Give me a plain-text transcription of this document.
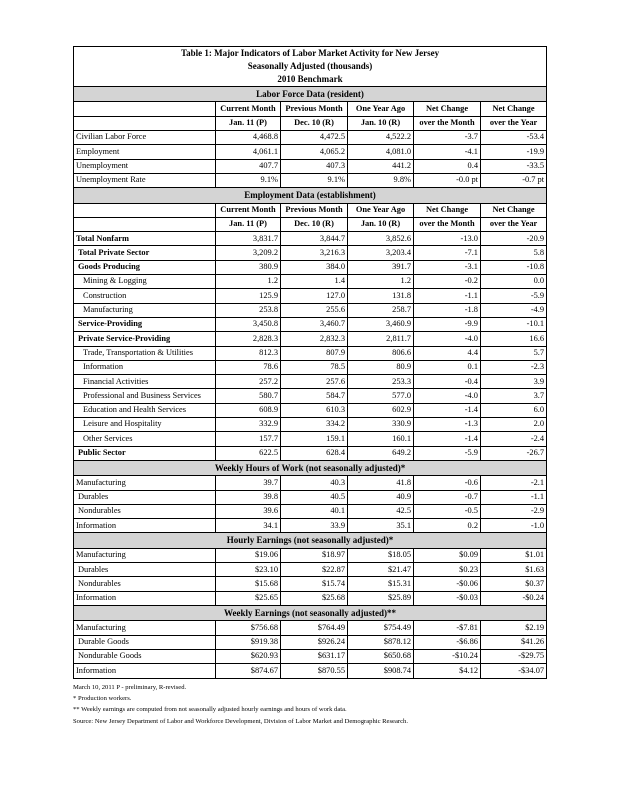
Table 1: Major Indicators of Labor Market Activity for New Jersey					
Seasonally Adjusted (thousands)					
2010 Benchmark					
Labor Force Data (resident)					
	Current Month	Previous Month	One Year Ago	Net Change	Net Change
	Jan. 11 (P)	Dec. 10 (R)	Jan. 10 (R)	over the Month	over the Year
Civilian Labor Force	4,468.8	4,472.5	4,522.2	-3.7	-53.4
Employment	4,061.1	4,065.2	4,081.0	-4.1	-19.9
Unemployment	407.7	407.3	441.2	0.4	-33.5
Unemployment Rate	9.1%	9.1%	9.8%	-0.0 pt	-0.7 pt
Employment Data (establishment)					
	Current Month	Previous Month	One Year Ago	Net Change	Net Change
	Jan. 11 (P)	Dec. 10 (R)	Jan. 10 (R)	over the Month	over the Year
Total Nonfarm	3,831.7	3,844.7	3,852.6	-13.0	-20.9
Total Private Sector	3,209.2	3,216.3	3,203.4	-7.1	5.8
Goods Producing	380.9	384.0	391.7	-3.1	-10.8
Mining & Logging	1.2	1.4	1.2	-0.2	0.0
Construction	125.9	127.0	131.8	-1.1	-5.9
Manufacturing	253.8	255.6	258.7	-1.8	-4.9
Service-Providing	3,450.8	3,460.7	3,460.9	-9.9	-10.1
Private Service-Providing	2,828.3	2,832.3	2,811.7	-4.0	16.6
Trade, Transportation & Utilities	812.3	807.9	806.6	4.4	5.7
Information	78.6	78.5	80.9	0.1	-2.3
Financial Activities	257.2	257.6	253.3	-0.4	3.9
Professional and Business Services	580.7	584.7	577.0	-4.0	3.7
Education and Health Services	608.9	610.3	602.9	-1.4	6.0
Leisure and Hospitality	332.9	334.2	330.9	-1.3	2.0
Other Services	157.7	159.1	160.1	-1.4	-2.4
Public Sector	622.5	628.4	649.2	-5.9	-26.7
Weekly Hours of Work (not seasonally adjusted)*					
Manufacturing	39.7	40.3	41.8	-0.6	-2.1
Durables	39.8	40.5	40.9	-0.7	-1.1
Nondurables	39.6	40.1	42.5	-0.5	-2.9
Information	34.1	33.9	35.1	0.2	-1.0
Hourly Earnings (not seasonally adjusted)*					
Manufacturing	$19.06	$18.97	$18.05	$0.09	$1.01
Durables	$23.10	$22.87	$21.47	$0.23	$1.63
Nondurables	$15.68	$15.74	$15.31	-$0.06	$0.37
Information	$25.65	$25.68	$25.89	-$0.03	-$0.24
Weekly Earnings (not seasonally adjusted)**					
Manufacturing	$756.68	$764.49	$754.49	-$7.81	$2.19
Durable Goods	$919.38	$926.24	$878.12	-$6.86	$41.26
Nondurable Goods	$620.93	$631.17	$650.68	-$10.24	-$29.75
Information	$874.67	$870.55	$908.74	$4.12	-$34.07
March 10, 2011 P - preliminary, R-revised.
* Production workers.
** Weekly earnings are computed from not seasonally adjusted hourly earnings and hours of work data.
Source: New Jersey Department of Labor and Workforce Development, Division of Labor Market and Demographic Research.
